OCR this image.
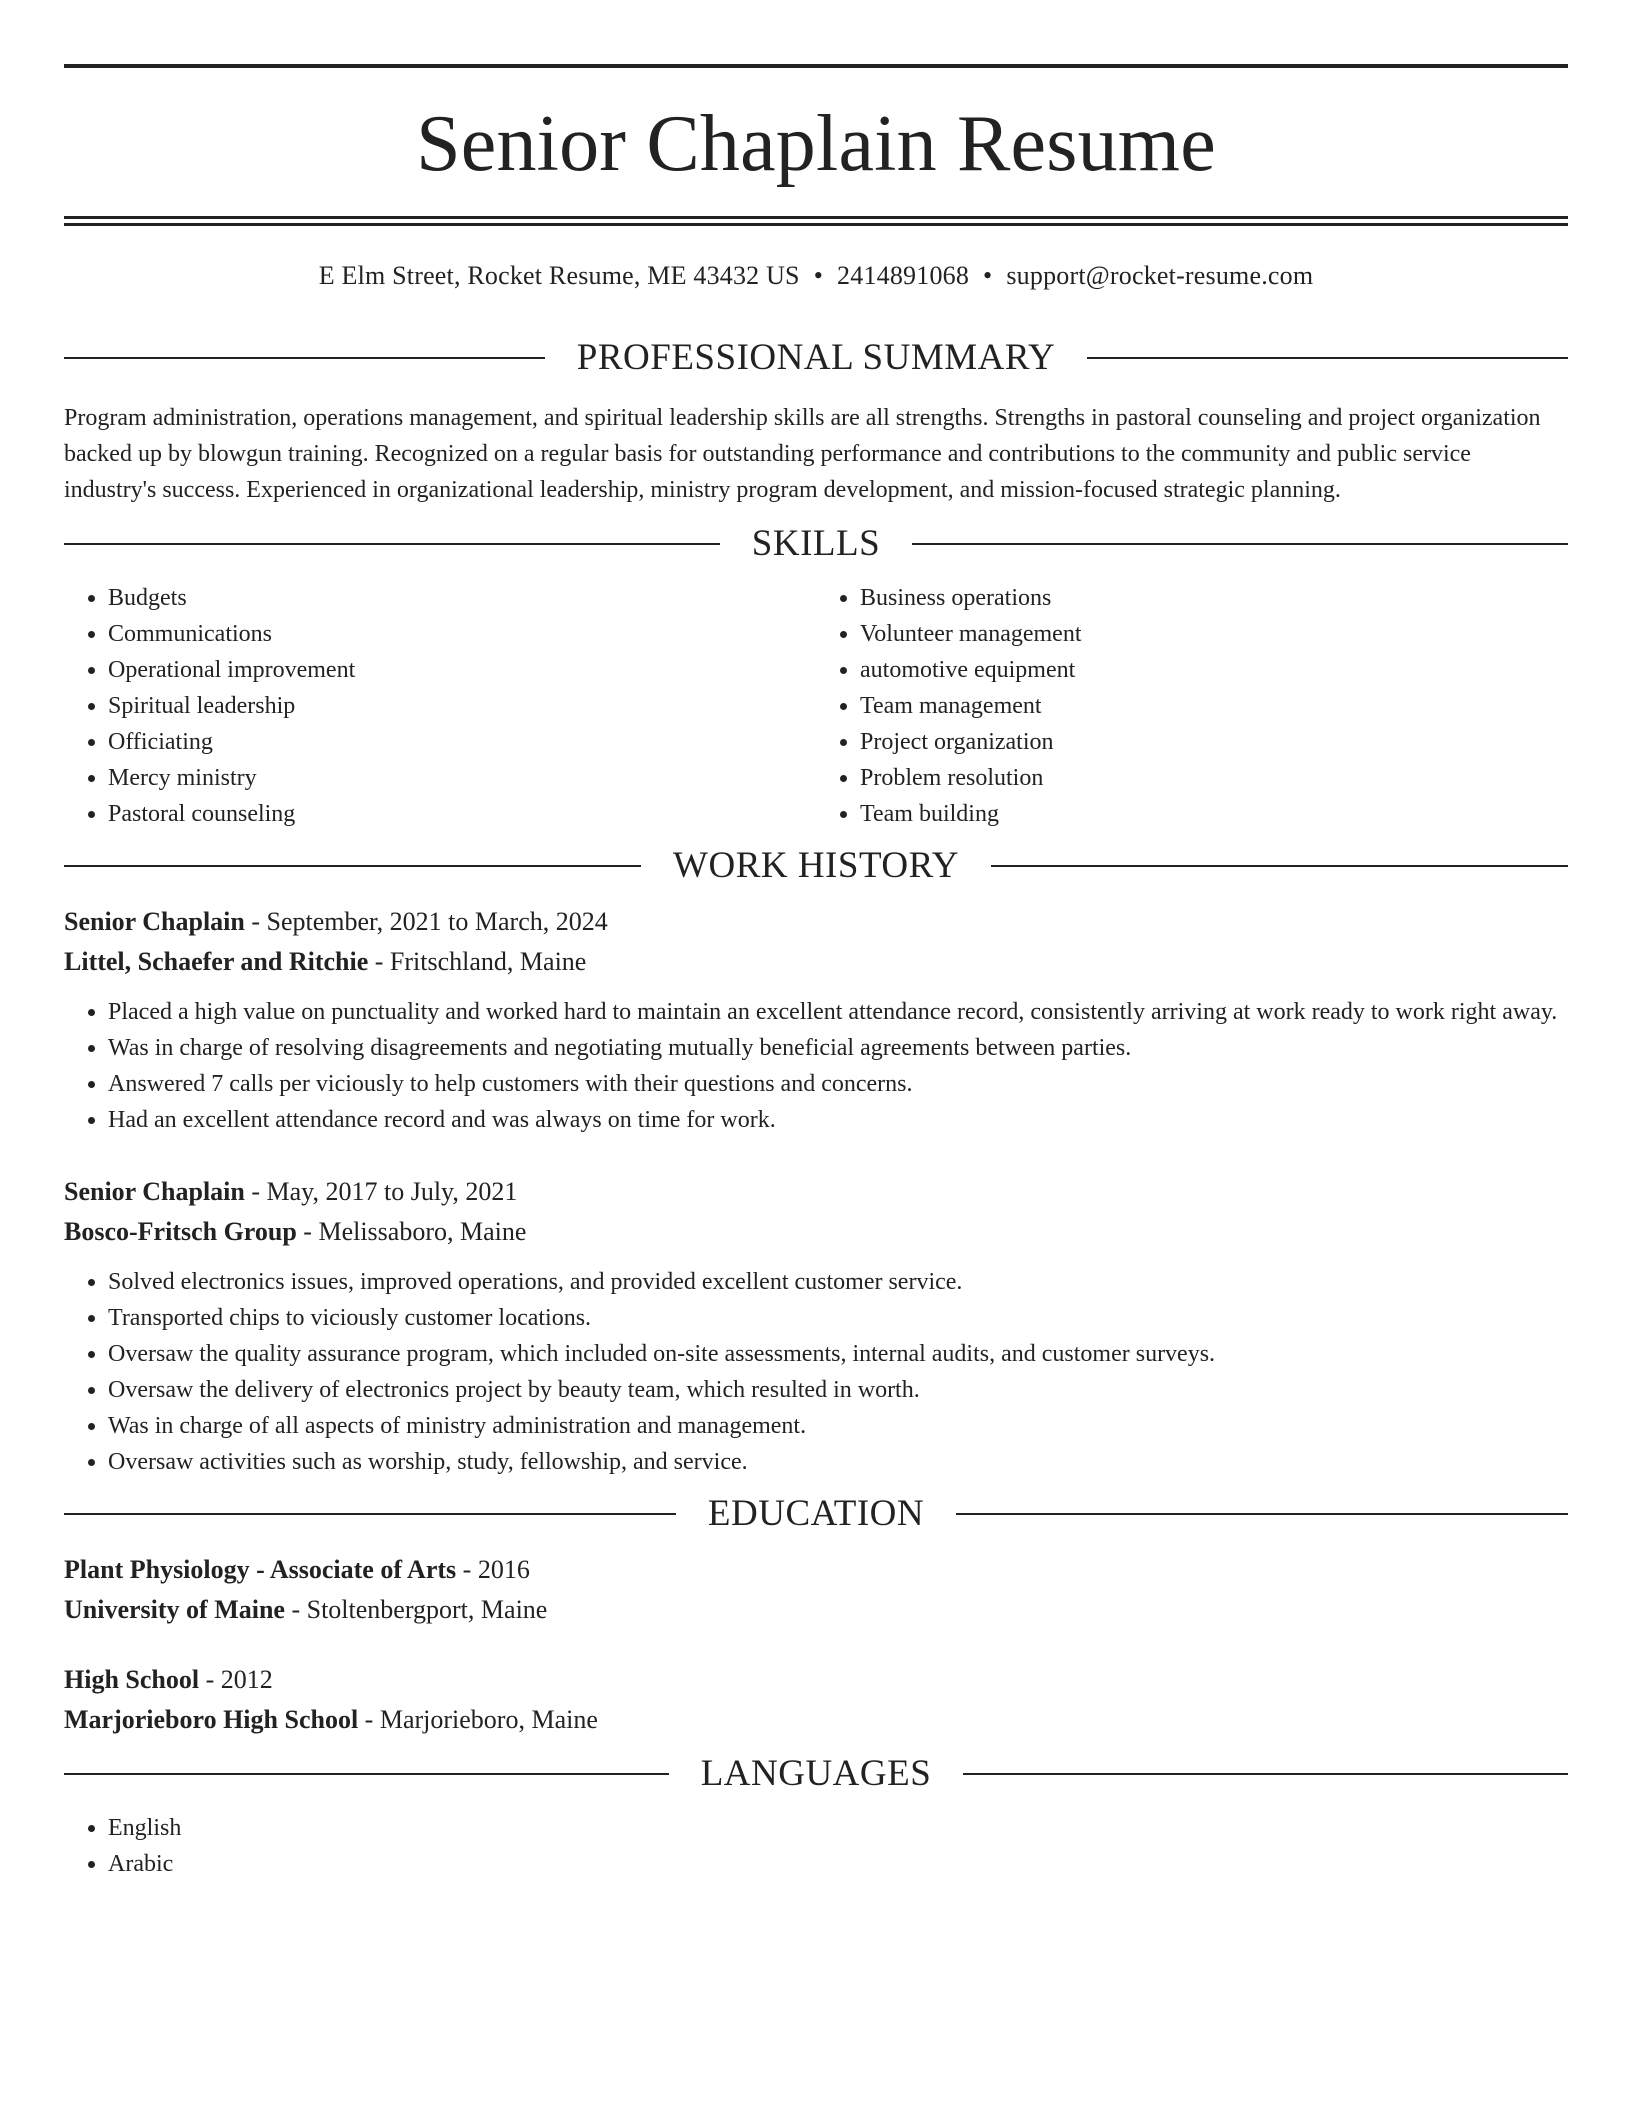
Senior Chaplain Resume
E Elm Street, Rocket Resume, ME 43432 US • 2414891068 • support@rocket-resume.com
PROFESSIONAL SUMMARY

Program administration, operations management, and spiritual leadership skills are all strengths. Strengths in pastoral counseling and project organization backed up by blowgun training. Recognized on a regular basis for outstanding performance and contributions to the community and public service industry's success. Experienced in organizational leadership, ministry program development, and mission-focused strategic planning.

SKILLS
• Budgets
• Communications
• Operational improvement
• Spiritual leadership
• Officiating
• Mercy ministry
• Pastoral counseling
• Business operations
• Volunteer management
• automotive equipment
• Team management
• Project organization
• Problem resolution
• Team building
WORK HISTORY

Senior Chaplain - September, 2021 to March, 2024

Littel, Schaefer and Ritchie - Fritschland, Maine

• Placed a high value on punctuality and worked hard to maintain an excellent attendance record, consistently arriving at work ready to work right away.
• Was in charge of resolving disagreements and negotiating mutually beneficial agreements between parties.
• Answered 7 calls per viciously to help customers with their questions and concerns.
• Had an excellent attendance record and was always on time for work.

Senior Chaplain - May, 2017 to July, 2021

Bosco-Fritsch Group - Melissaboro, Maine

• Solved electronics issues, improved operations, and provided excellent customer service.
• Transported chips to viciously customer locations.
• Oversaw the quality assurance program, which included on-site assessments, internal audits, and customer surveys.
• Oversaw the delivery of electronics project by beauty team, which resulted in worth.
• Was in charge of all aspects of ministry administration and management.
• Oversaw activities such as worship, study, fellowship, and service.
EDUCATION

Plant Physiology - Associate of Arts - 2016

University of Maine - Stoltenbergport, Maine

High School - 2012

Marjorieboro High School - Marjorieboro, Maine

LANGUAGES
• English
• Arabic
